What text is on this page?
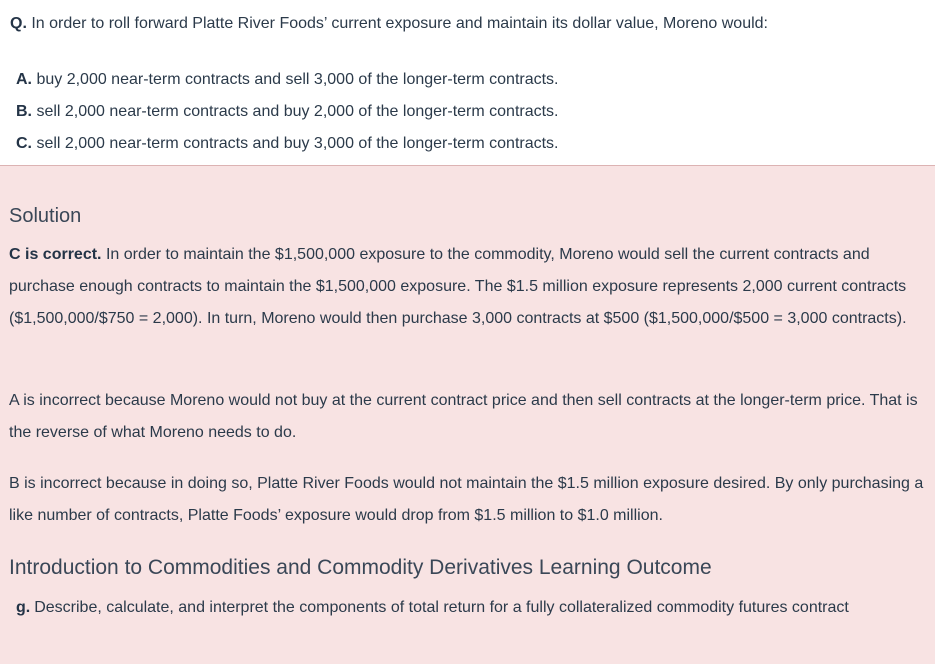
Q. In order to roll forward Platte River Foods’ current exposure and maintain its dollar value, Moreno would:
A. buy 2,000 near-term contracts and sell 3,000 of the longer-term contracts.
B. sell 2,000 near-term contracts and buy 2,000 of the longer-term contracts.
C. sell 2,000 near-term contracts and buy 3,000 of the longer-term contracts.
Solution

C is correct. In order to maintain the $1,500,000 exposure to the commodity, Moreno would sell the current contracts and purchase enough contracts to maintain the $1,500,000 exposure. The $1.5 million exposure represents 2,000 current contracts ($1,500,000/$750 = 2,000). In turn, Moreno would then purchase 3,000 contracts at $500 ($1,500,000/$500 = 3,000 contracts).

A is incorrect because Moreno would not buy at the current contract price and then sell contracts at the longer-term price. That is the reverse of what Moreno needs to do.

B is incorrect because in doing so, Platte River Foods would not maintain the $1.5 million exposure desired. By only purchasing a like number of contracts, Platte Foods’ exposure would drop from $1.5 million to $1.0 million.

Introduction to Commodities and Commodity Derivatives Learning Outcome
g. Describe, calculate, and interpret the components of total return for a fully collateralized commodity futures contract
